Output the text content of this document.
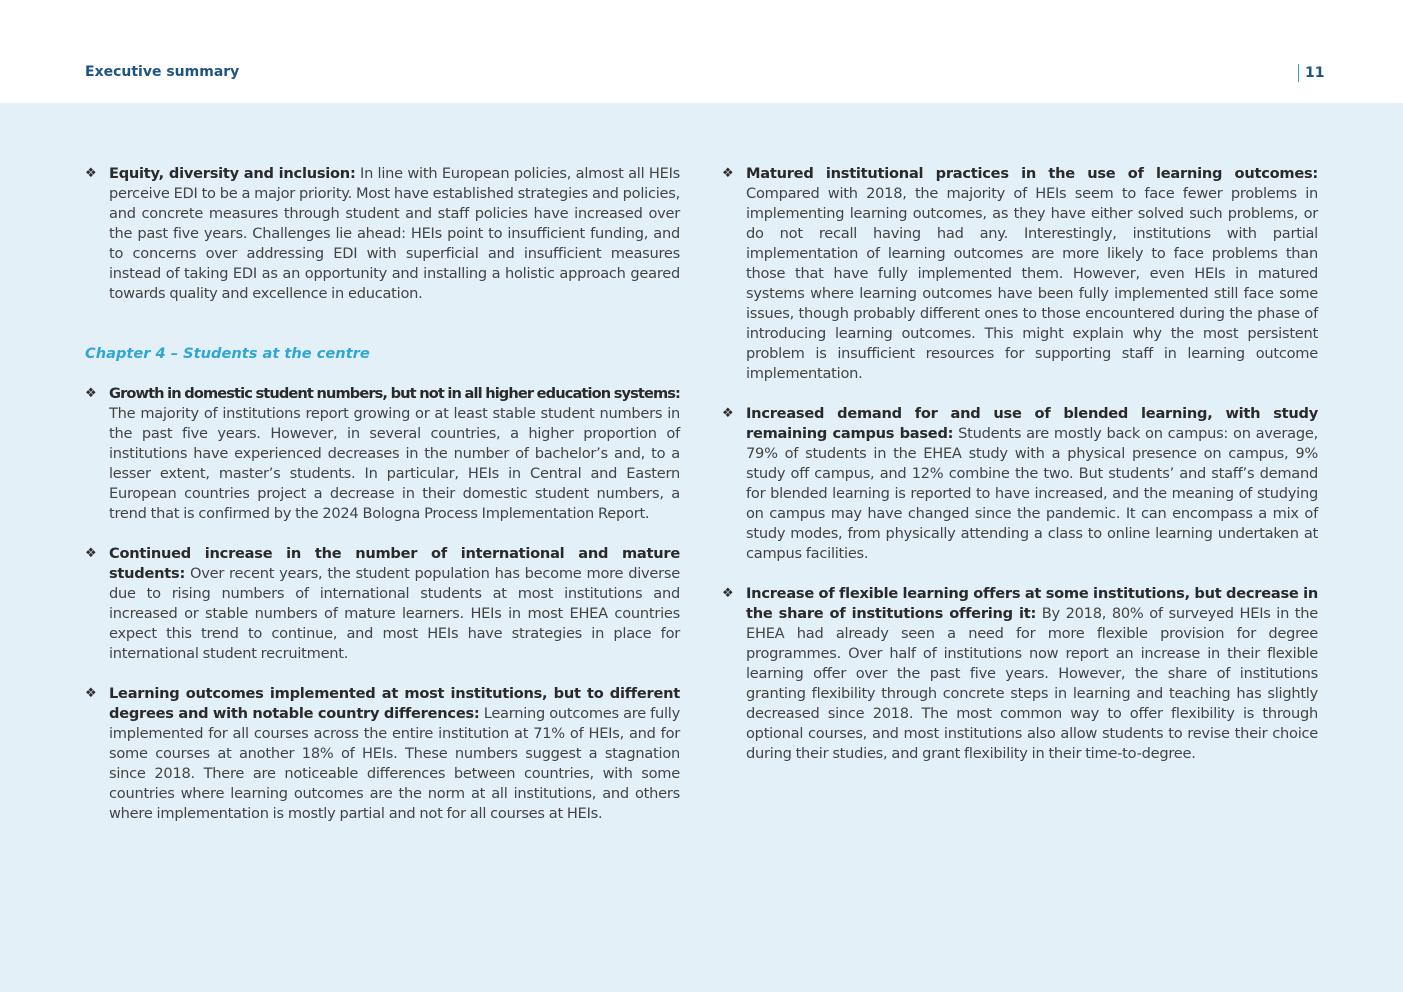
Executive summary	11
❖ Equity, diversity and inclusion: In line with European policies, almost all HEIs perceive EDI to be a major priority. Most have established strategies and policies, and concrete measures through student and staff policies have increased over the past five years. Challenges lie ahead: HEIs point to insufficient funding, and to concerns over addressing EDI with superficial and insufficient measures instead of taking EDI as an opportunity and installing a holistic approach geared towards quality and excellence in education.
Chapter 4 – Students at the centre
❖ Growth in domestic student numbers, but not in all higher education systems: The majority of institutions report growing or at least stable student numbers in the past five years. However, in several countries, a higher proportion of institutions have experienced decreases in the number of bachelor’s and, to a lesser extent, master’s students. In particular, HEIs in Central and Eastern European countries project a decrease in their domestic student numbers, a trend that is confirmed by the 2024 Bologna Process Implementation Report.
❖ Continued increase in the number of international and mature students: Over recent years, the student population has become more diverse due to rising numbers of international students at most institutions and increased or stable numbers of mature learners. HEIs in most EHEA countries expect this trend to continue, and most HEIs have strategies in place for international student recruitment.
❖ Learning outcomes implemented at most institutions, but to different degrees and with notable country differences: Learning outcomes are fully implemented for all courses across the entire institution at 71% of HEIs, and for some courses at another 18% of HEIs. These numbers suggest a stagnation since 2018. There are noticeable differences between countries, with some countries where learning outcomes are the norm at all institutions, and others where implementation is mostly partial and not for all courses at HEIs.
❖ Matured institutional practices in the use of learning outcomes: Compared with 2018, the majority of HEIs seem to face fewer problems in implementing learning outcomes, as they have either solved such problems, or do not recall having had any. Interestingly, institutions with partial implementation of learning outcomes are more likely to face problems than those that have fully implemented them. However, even HEIs in matured systems where learning outcomes have been fully implemented still face some issues, though probably different ones to those encountered during the phase of introducing learning outcomes. This might explain why the most persistent problem is insufficient resources for supporting staff in learning outcome implementation.
❖ Increased demand for and use of blended learning, with study remaining campus based: Students are mostly back on campus: on average, 79% of students in the EHEA study with a physical presence on campus, 9% study off campus, and 12% combine the two. But students’ and staff’s demand for blended learning is reported to have increased, and the meaning of studying on campus may have changed since the pandemic. It can encompass a mix of study modes, from physically attending a class to online learning undertaken at campus facilities.
❖ Increase of flexible learning offers at some institutions, but decrease in the share of institutions offering it: By 2018, 80% of surveyed HEIs in the EHEA had already seen a need for more flexible provision for degree programmes. Over half of institutions now report an increase in their flexible learning offer over the past five years. However, the share of institutions granting flexibility through concrete steps in learning and teaching has slightly decreased since 2018. The most common way to offer flexibility is through optional courses, and most institutions also allow students to revise their choice during their studies, and grant flexibility in their time-to-degree.
